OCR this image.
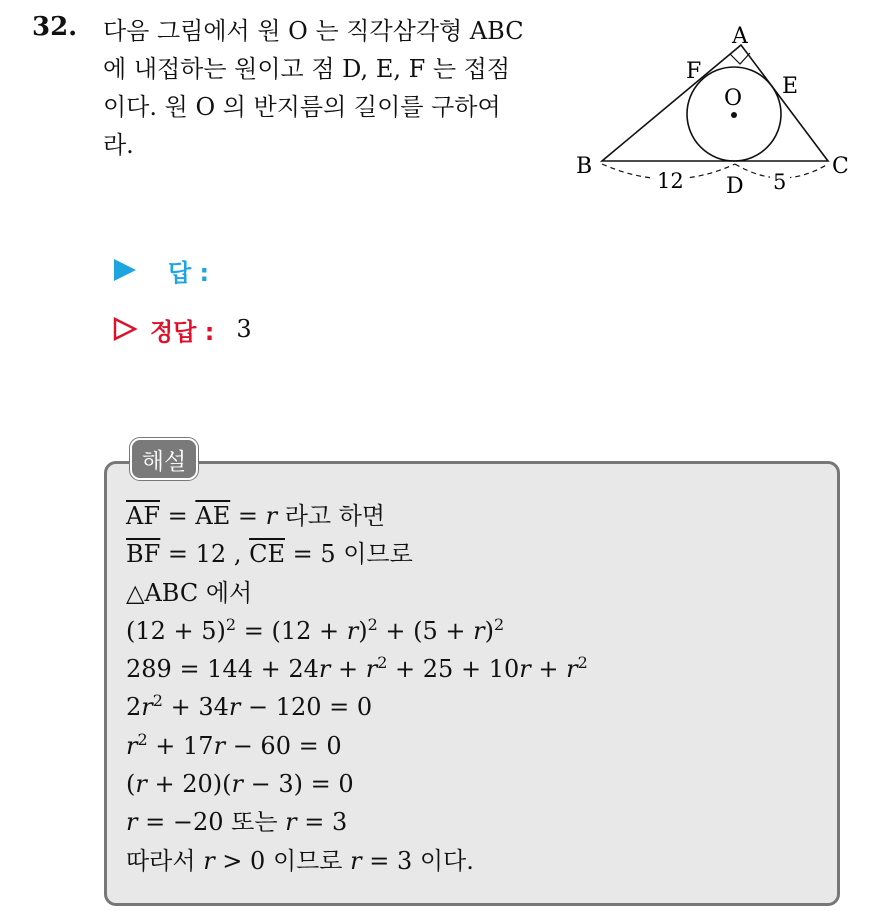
32. 다음 그림에서 원 O 는 직각삼각형 ABC

에 내접하는 원이고 점 D, E, F 는 접점

이다. 원 O 의 반지름의 길이를 구하여

라.

A
B	C
D
E
F
O
12	5
답 :
정답 : 3
해설
$\overline{AF} = \overline{AE} = r$ 라고 하면
$\overline{BF} = 12$ , $\overline{CE} = 5$ 이므로
△ABC 에서
$(12 + 5)^2 = (12 + r)^2 + (5 + r)^2$
$289 = 144 + 24r + r^2 + 25 + 10r + r^2$
$2r^2 + 34r - 120 = 0$
$r^2 + 17r - 60 = 0$
(r + 20)(r − 3) = 0
r = −20 또는 r = 3
따라서 r > 0 이므로 r = 3 이다.
